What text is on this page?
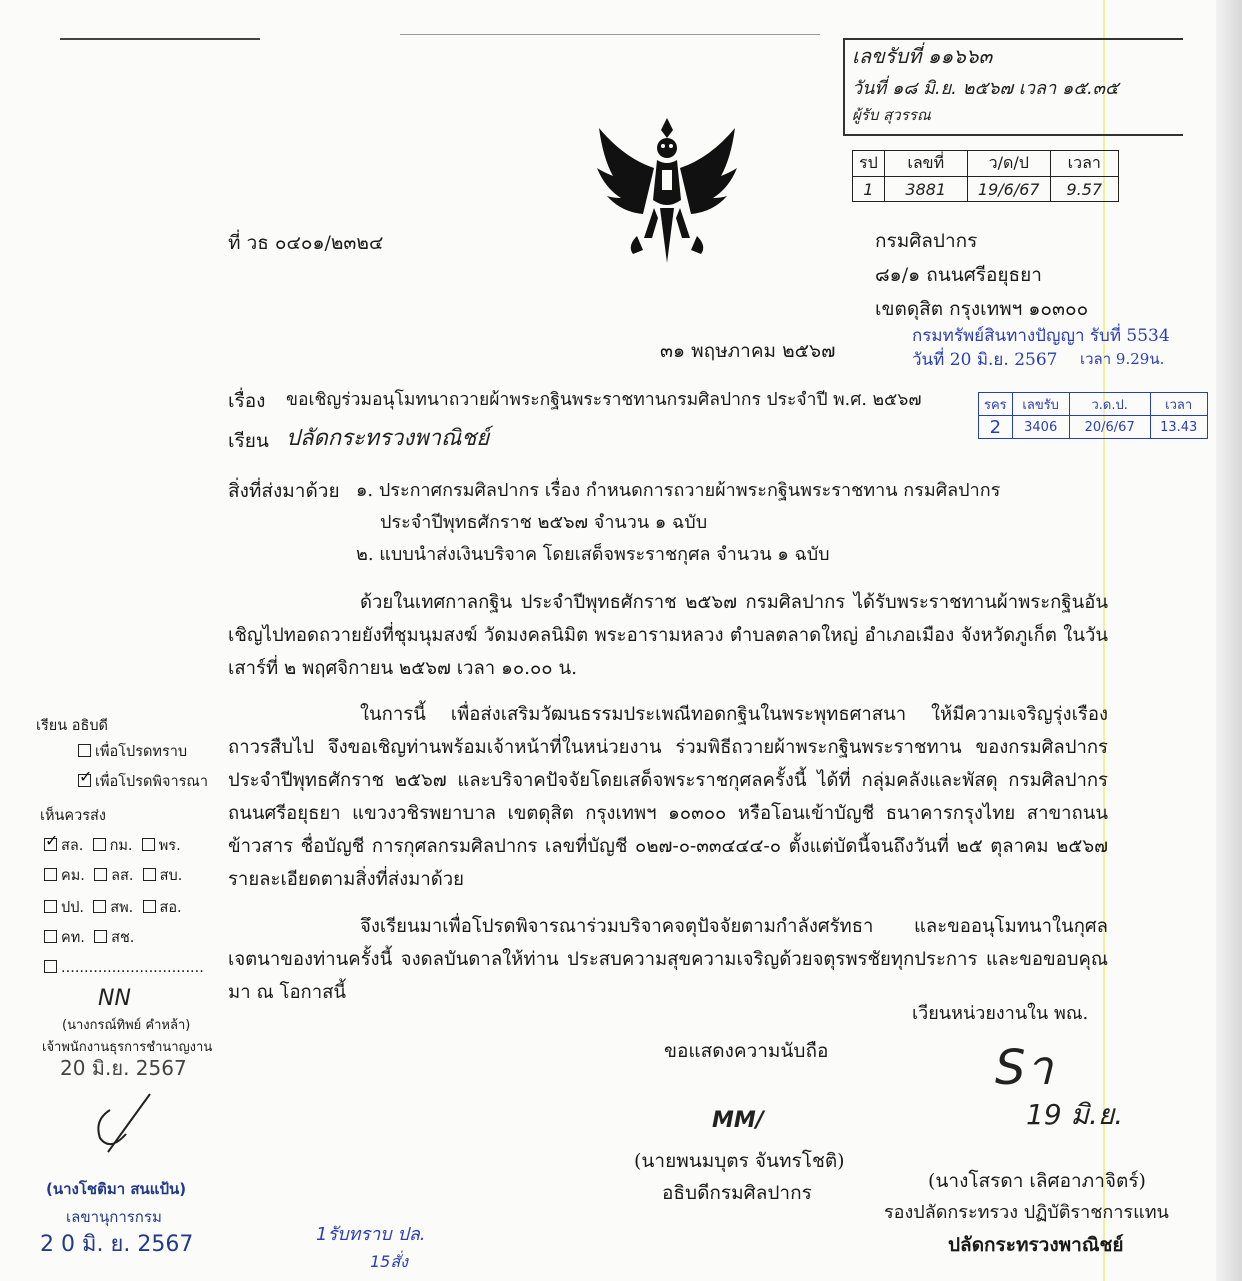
เลขรับที่ ๑๑๖๖๓
วันที่ ๑๘ มิ.ย. ๒๕๖๗ เวลา ๑๕.๓๕
ผู้รับ สุวรรณ
รป	เลขที่	ว/ด/ป	เวลา
1	3881	19/6/67	9.57
ที่ วธ ๐๔๐๑/๒๓๒๔	กรมศิลปากร
๘๑/๑ ถนนศรีอยุธยา
เขตดุสิต กรุงเทพฯ ๑๐๓๐๐
กรมทรัพย์สินทางปัญญา รับที่ 5534
วันที่ 20 มิ.ย. 2567 เวลา 9.29น.
๓๑ พฤษภาคม ๒๕๖๗
เรื่อง ขอเชิญร่วมอนุโมทนาถวายผ้าพระกฐินพระราชทานกรมศิลปากร ประจำปี พ.ศ. ๒๕๖๗	รคร	เลขรับ	ว.ด.ป.	เวลา
2	3406	20/6/67	13.43
เรียน ปลัดกระทรวงพาณิชย์
สิ่งที่ส่งมาด้วย ๑. ประกาศกรมศิลปากร เรื่อง กำหนดการถวายผ้าพระกฐินพระราชทาน กรมศิลปากร
ประจำปีพุทธศักราช ๒๕๖๗ จำนวน ๑ ฉบับ
๒. แบบนำส่งเงินบริจาค โดยเสด็จพระราชกุศล จำนวน ๑ ฉบับ
ด้วยในเทศกาลกฐิน ประจำปีพุทธศักราช ๒๕๖๗ กรมศิลปากร ได้รับพระราชทานผ้าพระกฐินอันเชิญไปทอดถวายยังที่ชุมนุมสงฆ์ วัดมงคลนิมิต พระอารามหลวง ตำบลตลาดใหญ่ อำเภอเมือง จังหวัดภูเก็ต ในวันเสาร์ที่ ๒ พฤศจิกายน ๒๕๖๗ เวลา ๑๐.๐๐ น.
ในการนี้ เพื่อส่งเสริมวัฒนธรรมประเพณีทอดกฐินในพระพุทธศาสนา ให้มีความเจริญรุ่งเรืองถาวรสืบไป จึงขอเชิญท่านพร้อมเจ้าหน้าที่ในหน่วยงาน ร่วมพิธีถวายผ้าพระกฐินพระราชทาน ของกรมศิลปากร ประจำปีพุทธศักราช ๒๕๖๗ และบริจาคปัจจัยโดยเสด็จพระราชกุศลครั้งนี้ ได้ที่ กลุ่มคลังและพัสดุ กรมศิลปากร ถนนศรีอยุธยา แขวงวชิรพยาบาล เขตดุสิต กรุงเทพฯ ๑๐๓๐๐ หรือโอนเข้าบัญชี ธนาคารกรุงไทย สาขาถนนข้าวสาร ชื่อบัญชี การกุศลกรมศิลปากร เลขที่บัญชี ๐๒๗-๐-๓๓๔๔๔-๐ ตั้งแต่บัดนี้จนถึงวันที่ ๒๕ ตุลาคม ๒๕๖๗ รายละเอียดตามสิ่งที่ส่งมาด้วย
จึงเรียนมาเพื่อโปรดพิจารณาร่วมบริจาคจตุปัจจัยตามกำลังศรัทธา และขออนุโมทนาในกุศลเจตนาของท่านครั้งนี้ จงดลบันดาลให้ท่าน ประสบความสุขความเจริญด้วยจตุรพรชัยทุกประการ และขอขอบคุณมา ณ โอกาสนี้
เวียนหน่วยงานใน พณ.
ขอแสดงความนับถือ
MM/
(นายพนมบุตร จันทรโชติ)
อธิบดีกรมศิลปากร
Sา
19 มิ.ย.
(นางโสรดา เลิศอาภาจิตร์)
รองปลัดกระทรวง ปฏิบัติราชการแทน
ปลัดกระทรวงพาณิชย์
เรียน อธิบดี
เพื่อโปรดทราบ
✓เพื่อโปรดพิจารณา
เห็นควรส่ง
✓สล. กม. พร.
คม. ลส. สบ.
ปป. สพ. สอ.
คท. สช.
...............................
NN
(นางกรณ์ทิพย์ คำหล้า)
เจ้าพนักงานธุรการชำนาญงาน
20 มิ.ย. 2567
(นางโชติมา สนแป้น)
เลขานุการกรม
2 0 มิ. ย. 2567	1รับทราบ ปล.
15สั่ง
